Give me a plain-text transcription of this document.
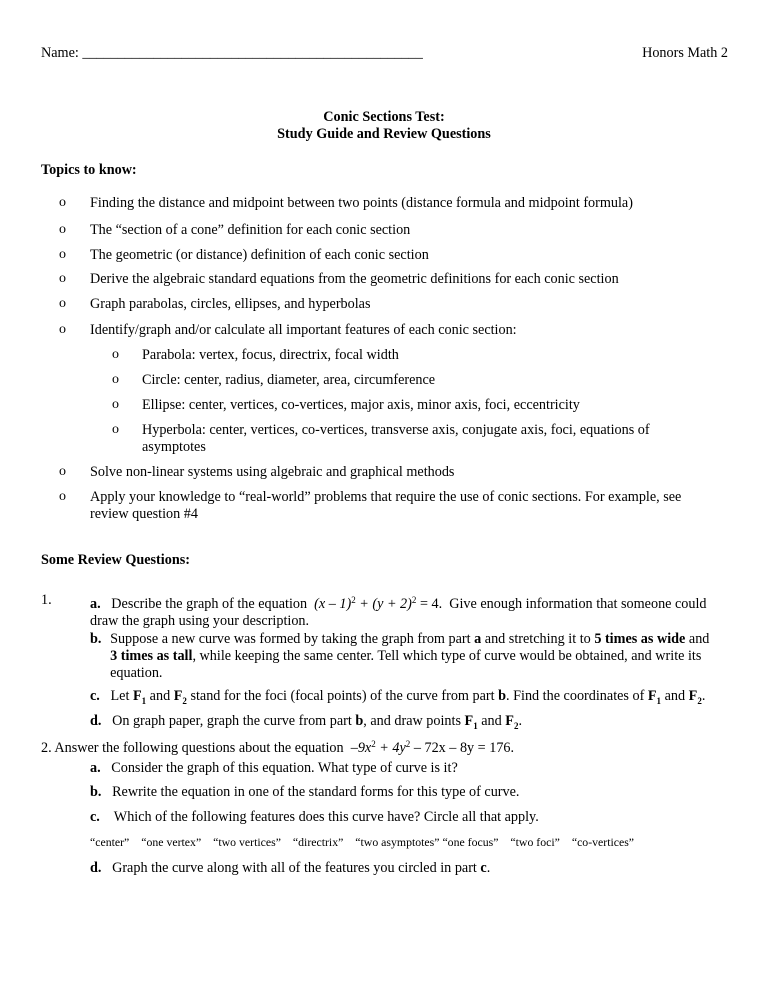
Name: ________________________________________________	Honors Math 2
Conic Sections Test:
Study Guide and Review Questions
Topics to know:
o Finding the distance and midpoint between two points (distance formula and midpoint formula)
o The “section of a cone” definition for each conic section
o The geometric (or distance) definition of each conic section
o Derive the algebraic standard equations from the geometric definitions for each conic section
o Graph parabolas, circles, ellipses, and hyperbolas
o Identify/graph and/or calculate all important features of each conic section:
o Parabola: vertex, focus, directrix, focal width
o Circle: center, radius, diameter, area, circumference
o Ellipse: center, vertices, co-vertices, major axis, minor axis, foci, eccentricity
o Hyperbola: center, vertices, co-vertices, transverse axis, conjugate axis, foci, equations of asymptotes
o Solve non-linear systems using algebraic and graphical methods
o Apply your knowledge to “real-world” problems that require the use of conic sections. For example, see review question #4
Some Review Questions:
1.	a. Describe the graph of the equation $(x - 1)^2 + (y + 2)^2 = 4$. Give enough information that someone could draw the graph using your description.
b. Suppose a new curve was formed by taking the graph from part a and stretching it to 5 times as wide and 3 times as tall, while keeping the same center. Tell which type of curve would be obtained, and write its equation.
c. Let $F_1$ and $F_2$ stand for the foci (focal points) of the curve from part b. Find the coordinates of $F_1$ and $F_2$.
d. On graph paper, graph the curve from part b, and draw points $F_1$ and $F_2$.
2. Answer the following questions about the equation $-9x^2 + 4y^2 - 72x - 8y = 176$.
a. Consider the graph of this equation. What type of curve is it?
b. Rewrite the equation in one of the standard forms for this type of curve.
c. Which of the following features does this curve have? Circle all that apply.
“center” “one vertex” “two vertices” “directrix” “two asymptotes” “one focus” “two foci” “co-vertices”
d. Graph the curve along with all of the features you circled in part c.
